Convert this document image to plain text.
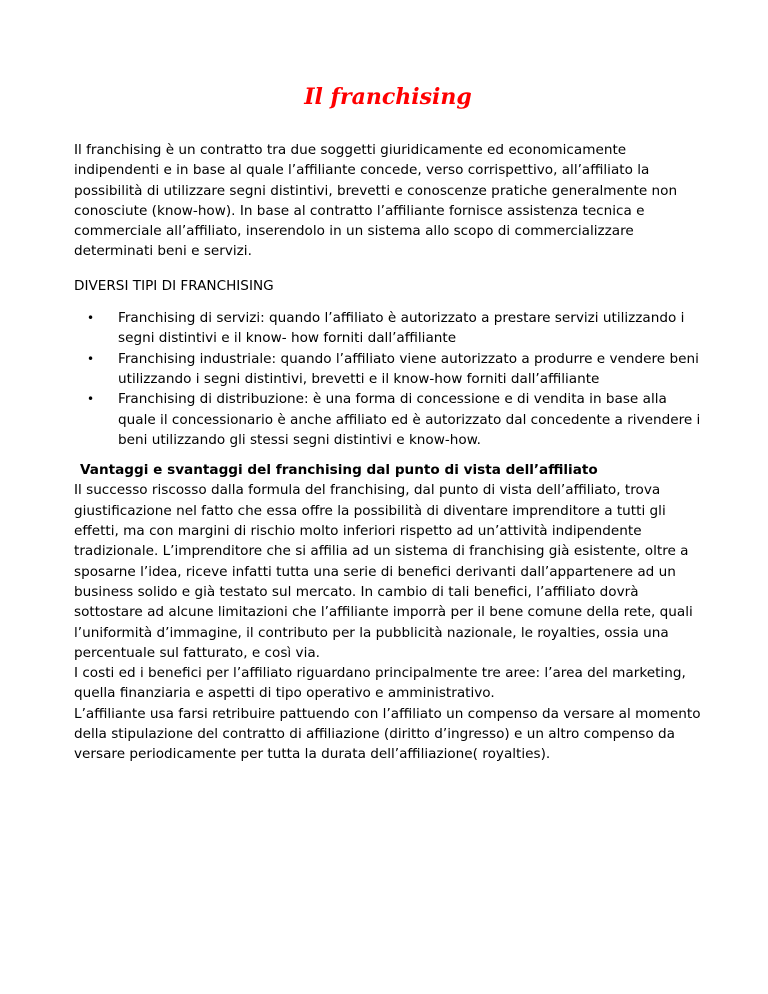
Il franchising

Il franchising è un contratto tra due soggetti giuridicamente ed economicamente indipendenti e in base al quale l’affiliante concede, verso corrispettivo, all’affiliato la possibilità di utilizzare segni distintivi, brevetti e conoscenze pratiche generalmente non conosciute (know-how). In base al contratto l’affiliante fornisce assistenza tecnica e commerciale all’affiliato, inserendolo in un sistema allo scopo di commercializzare determinati beni e servizi.

DIVERSI TIPI DI FRANCHISING

• Franchising di servizi: quando l’affiliato è autorizzato a prestare servizi utilizzando i segni distintivi e il know- how forniti dall’affiliante
• Franchising industriale: quando l’affiliato viene autorizzato a produrre e vendere beni utilizzando i segni distintivi, brevetti e il know-how forniti dall’affiliante
• Franchising di distribuzione: è una forma di concessione e di vendita in base alla quale il concessionario è anche affiliato ed è autorizzato dal concedente a rivendere i beni utilizzando gli stessi segni distintivi e know-how.

Vantaggi e svantaggi del franchising dal punto di vista dell’affiliato

Il successo riscosso dalla formula del franchising, dal punto di vista dell’affiliato, trova giustificazione nel fatto che essa offre la possibilità di diventare imprenditore a tutti gli effetti, ma con margini di rischio molto inferiori rispetto ad un’attività indipendente tradizionale. L’imprenditore che si affilia ad un sistema di franchising già esistente, oltre a sposarne l’idea, riceve infatti tutta una serie di benefici derivanti dall’appartenere ad un business solido e già testato sul mercato. In cambio di tali benefici, l’affiliato dovrà sottostare ad alcune limitazioni che l’affiliante imporrà per il bene comune della rete, quali l’uniformità d’immagine, il contributo per la pubblicità nazionale, le royalties, ossia una percentuale sul fatturato, e così via.

I costi ed i benefici per l’affiliato riguardano principalmente tre aree: l’area del marketing, quella finanziaria e aspetti di tipo operativo e amministrativo.

L’affiliante usa farsi retribuire pattuendo con l’affiliato un compenso da versare al momento della stipulazione del contratto di affiliazione (diritto d’ingresso) e un altro compenso da versare periodicamente per tutta la durata dell’affiliazione( royalties).
